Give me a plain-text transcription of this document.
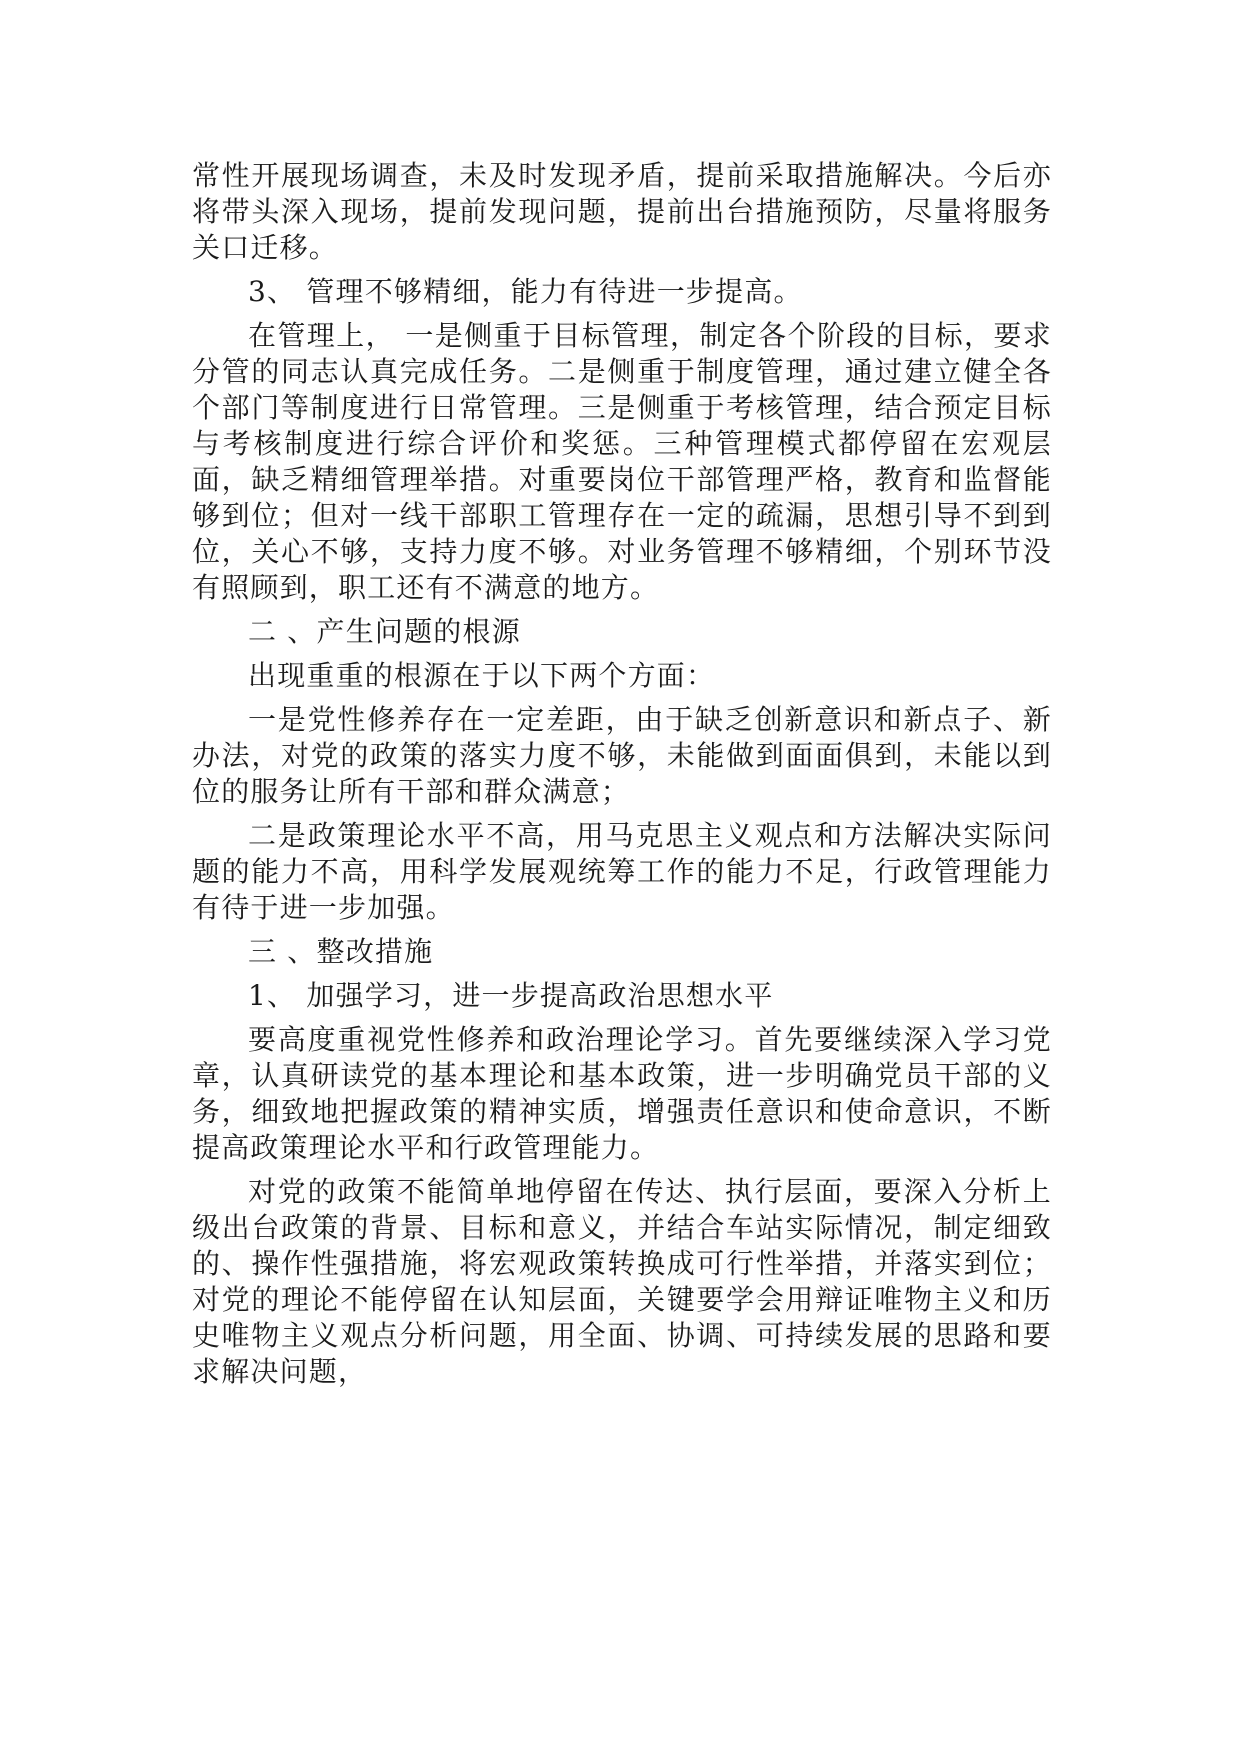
常性开展现场调查，未及时发现矛盾，提前采取措施解决。今后亦将带头深入现场，提前发现问题，提前出台措施预防，尽量将服务关口迁移。

3、 管理不够精细，能力有待进一步提高。

在管理上， 一是侧重于目标管理，制定各个阶段的目标，要求分管的同志认真完成任务。二是侧重于制度管理，通过建立健全各个部门等制度进行日常管理。三是侧重于考核管理，结合预定目标与考核制度进行综合评价和奖惩。三种管理模式都停留在宏观层面，缺乏精细管理举措。对重要岗位干部管理严格，教育和监督能够到位；但对一线干部职工管理存在一定的疏漏，思想引导不到到位，关心不够，支持力度不够。对业务管理不够精细，个别环节没有照顾到，职工还有不满意的地方。

二 、产生问题的根源

出现重重的根源在于以下两个方面：

一是党性修养存在一定差距，由于缺乏创新意识和新点子、新办法，对党的政策的落实力度不够，未能做到面面俱到，未能以到位的服务让所有干部和群众满意；

二是政策理论水平不高，用马克思主义观点和方法解决实际问题的能力不高，用科学发展观统筹工作的能力不足，行政管理能力有待于进一步加强。

三 、整改措施

1、 加强学习，进一步提高政治思想水平

要高度重视党性修养和政治理论学习。首先要继续深入学习党章，认真研读党的基本理论和基本政策，进一步明确党员干部的义务，细致地把握政策的精神实质，增强责任意识和使命意识，不断提高政策理论水平和行政管理能力。

对党的政策不能简单地停留在传达、执行层面，要深入分析上级出台政策的背景、目标和意义，并结合车站实际情况，制定细致的、操作性强措施，将宏观政策转换成可行性举措，并落实到位；对党的理论不能停留在认知层面，关键要学会用辩证唯物主义和历史唯物主义观点分析问题，用全面、协调、可持续发展的思路和要求解决问题，
